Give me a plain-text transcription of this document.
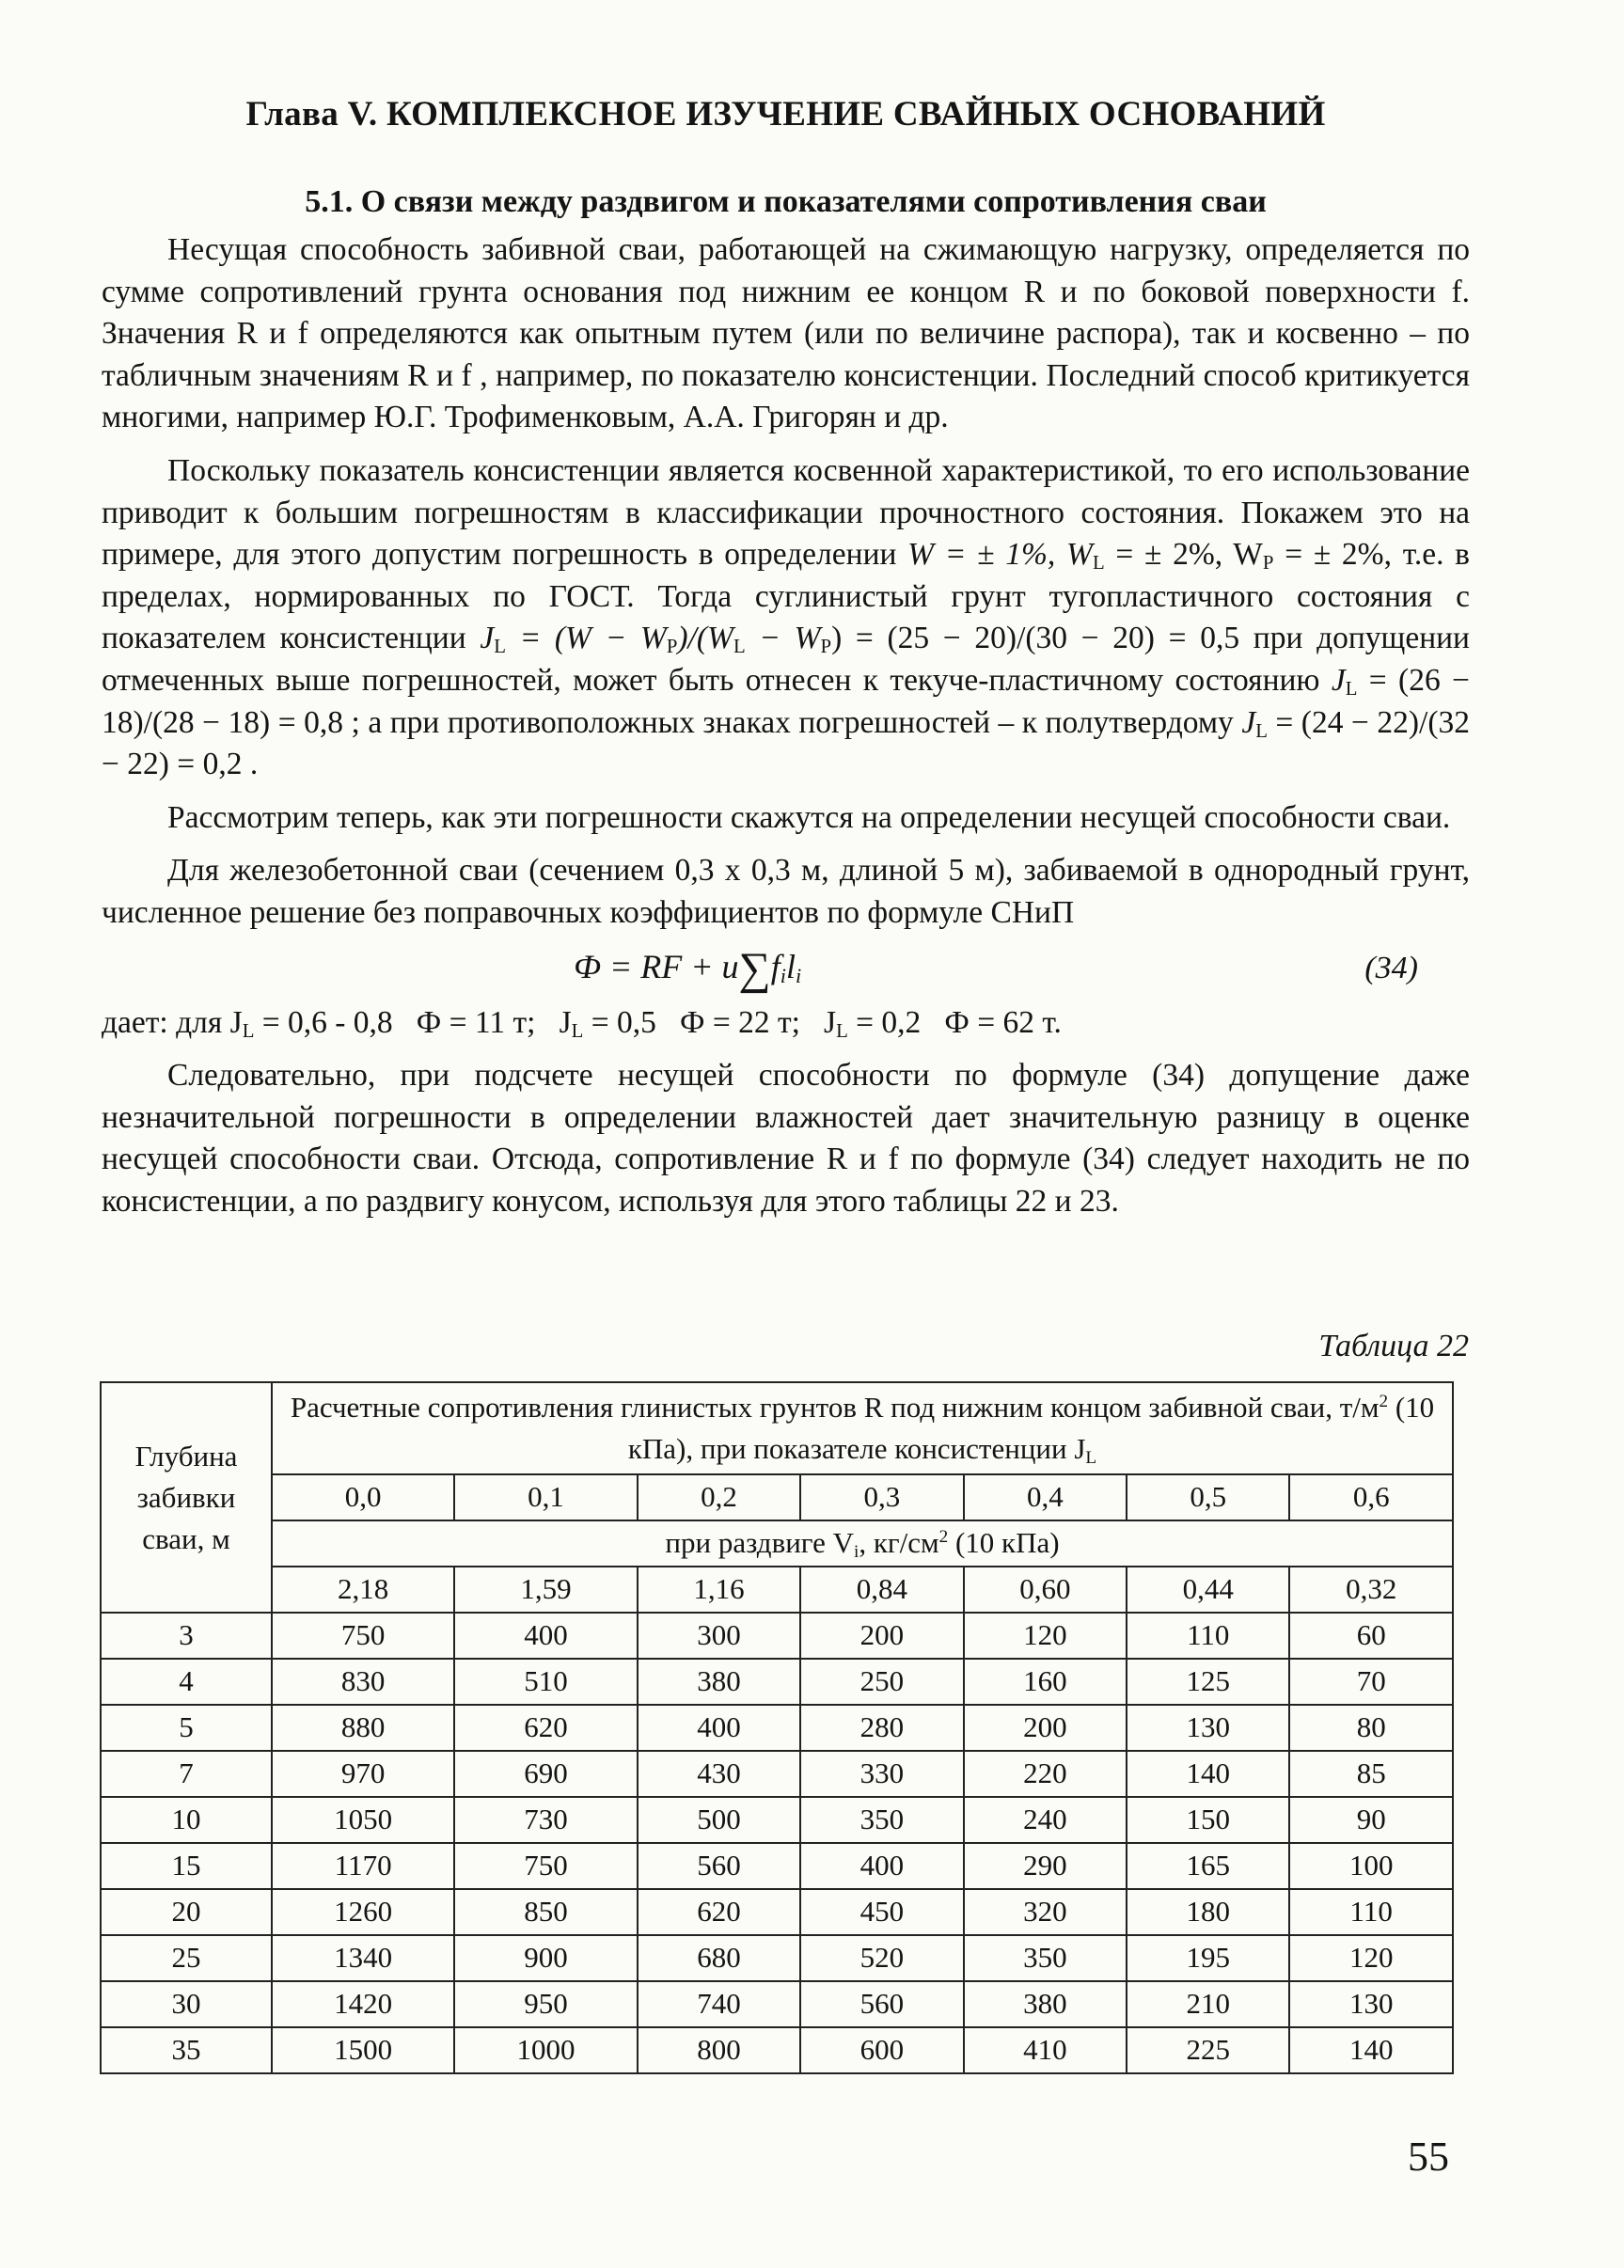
Глава V. КОМПЛЕКСНОЕ ИЗУЧЕНИЕ СВАЙНЫХ ОСНОВАНИЙ
5.1. О связи между раздвигом и показателями сопротивления сваи

Несущая способность забивной сваи, работающей на сжимающую нагрузку, определяется по сумме сопротивлений грунта основания под нижним ее концом R и по боковой поверхности f. Значения R и f определяются как опытным путем (или по величине распора), так и косвенно – по табличным значениям R и f , например, по показателю консистенции. Последний способ критикуется многими, например Ю.Г. Трофименковым, А.А. Григорян и др.

Поскольку показатель консистенции является косвенной характеристикой, то его использование приводит к большим погрешностям в классификации прочностного состояния. Покажем это на примере, для этого допустим погрешность в определении W = ± 1%, $W_L$ = ± 2%, $W_P$ = ± 2%, т.е. в пределах, нормированных по ГОСТ. Тогда суглинистый грунт тугопластичного состояния с показателем консистенции $J_L = (W - W_P)/(W_L - W_P) = (25 - 20)/(30 - 20) = 0,5$ при допущении отмеченных выше погрешностей, может быть отнесен к текуче-пластичному состоянию $J_L = (26 - 18)/(28 - 18) = 0,8$ ; а при противоположных знаках погрешностей – к полутвердому $J_L = (24 - 22)/(32 - 22) = 0,2$ .

Рассмотрим теперь, как эти погрешности скажутся на определении несущей способности сваи.

Для железобетонной сваи (сечением 0,3 х 0,3 м, длиной 5 м), забиваемой в однородный грунт, численное решение без поправочных коэффициентов по формуле СНиП

Ф = RF + $u\sum f_il_i$	(34)

дает: для $J_L = 0,6 - 0,8$   Ф = 11 т;   $J_L = 0,5$   Ф = 22 т;   $J_L = 0,2$   Ф = 62 т.

Следовательно, при подсчете несущей способности по формуле (34) допущение даже незначительной погрешности в определении влажностей дает значительную разницу в оценке несущей способности сваи. Отсюда, сопротивление R и f по формуле (34) следует находить не по консистенции, а по раздвигу конусом, используя для этого таблицы 22 и 23.

Таблица 22
Глубина забивки сваи, м	Расчетные сопротивления глинистых грунтов R под нижним концом забивной сваи, $т/м^2$ (10 кПа), при показателе консистенции $J_L$
	0,0	0,1	0,2	0,3	0,4	0,5	0,6
	при раздвиге $V_i$, $кг/см^2$ (10 кПа)						
	2,18	1,59	1,16	0,84	0,60	0,44	0,32
3	750	400	300	200	120	110	60
4	830	510	380	250	160	125	70
5	880	620	400	280	200	130	80
7	970	690	430	330	220	140	85
10	1050	730	500	350	240	150	90
15	1170	750	560	400	290	165	100
20	1260	850	620	450	320	180	110
25	1340	900	680	520	350	195	120
30	1420	950	740	560	380	210	130
35	1500	1000	800	600	410	225	140
55
